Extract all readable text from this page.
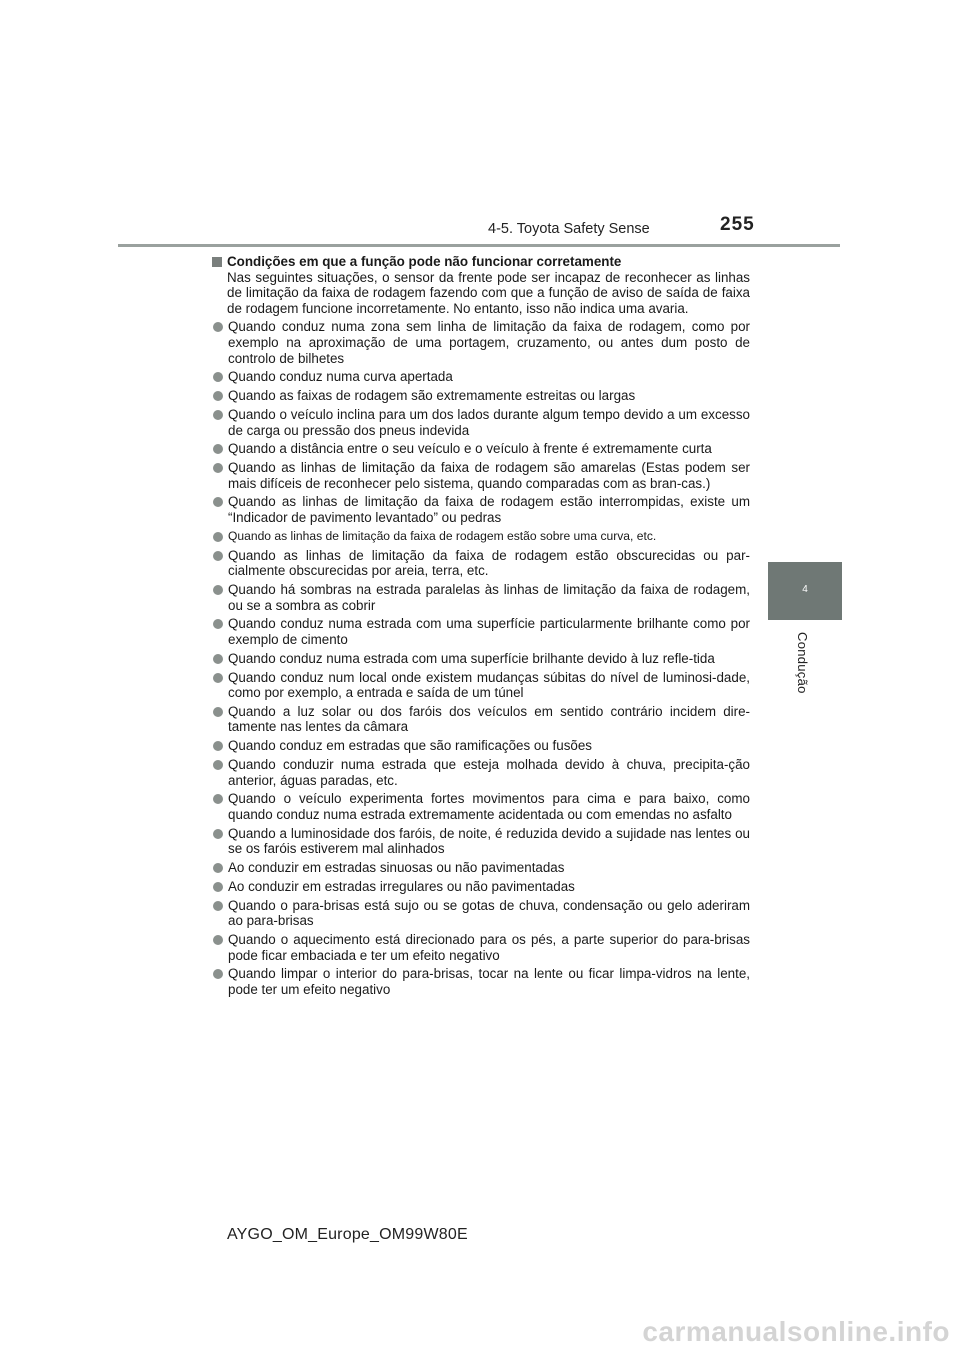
4-5. Toyota Safety Sense	255
4
Condução
Condições em que a função pode não funcionar corretamente

Nas seguintes situações, o sensor da frente pode ser incapaz de reconhecer as linhas de limitação da faixa de rodagem fazendo com que a função de aviso de saída de faixa de rodagem funcione incorretamente. No entanto, isso não indica uma avaria.

Quando conduz numa zona sem linha de limitação da faixa de rodagem, como por exemplo na aproximação de uma portagem, cruzamento, ou antes dum posto de controlo de bilhetes
Quando conduz numa curva apertada
Quando as faixas de rodagem são extremamente estreitas ou largas
Quando o veículo inclina para um dos lados durante algum tempo devido a um excesso de carga ou pressão dos pneus indevida
Quando a distância entre o seu veículo e o veículo à frente é extremamente curta
Quando as linhas de limitação da faixa de rodagem são amarelas (Estas podem ser mais difíceis de reconhecer pelo sistema, quando comparadas com as bran-cas.)
Quando as linhas de limitação da faixa de rodagem estão interrompidas, existe um “Indicador de pavimento levantado” ou pedras
Quando as linhas de limitação da faixa de rodagem estão sobre uma curva, etc.
Quando as linhas de limitação da faixa de rodagem estão obscurecidas ou par-cialmente obscurecidas por areia, terra, etc.
Quando há sombras na estrada paralelas às linhas de limitação da faixa de rodagem, ou se a sombra as cobrir
Quando conduz numa estrada com uma superfície particularmente brilhante como por exemplo de cimento
Quando conduz numa estrada com uma superfície brilhante devido à luz refle-tida
Quando conduz num local onde existem mudanças súbitas do nível de luminosi-dade, como por exemplo, a entrada e saída de um túnel
Quando a luz solar ou dos faróis dos veículos em sentido contrário incidem dire-tamente nas lentes da câmara
Quando conduz em estradas que são ramificações ou fusões
Quando conduzir numa estrada que esteja molhada devido à chuva, precipita-ção anterior, águas paradas, etc.
Quando o veículo experimenta fortes movimentos para cima e para baixo, como quando conduz numa estrada extremamente acidentada ou com emendas no asfalto
Quando a luminosidade dos faróis, de noite, é reduzida devido a sujidade nas lentes ou se os faróis estiverem mal alinhados
Ao conduzir em estradas sinuosas ou não pavimentadas
Ao conduzir em estradas irregulares ou não pavimentadas
Quando o para-brisas está sujo ou se gotas de chuva, condensação ou gelo aderiram ao para-brisas
Quando o aquecimento está direcionado para os pés, a parte superior do para-brisas pode ficar embaciada e ter um efeito negativo
Quando limpar o interior do para-brisas, tocar na lente ou ficar limpa-vidros na lente, pode ter um efeito negativo
AYGO_OM_Europe_OM99W80E
carmanualsonline.info
